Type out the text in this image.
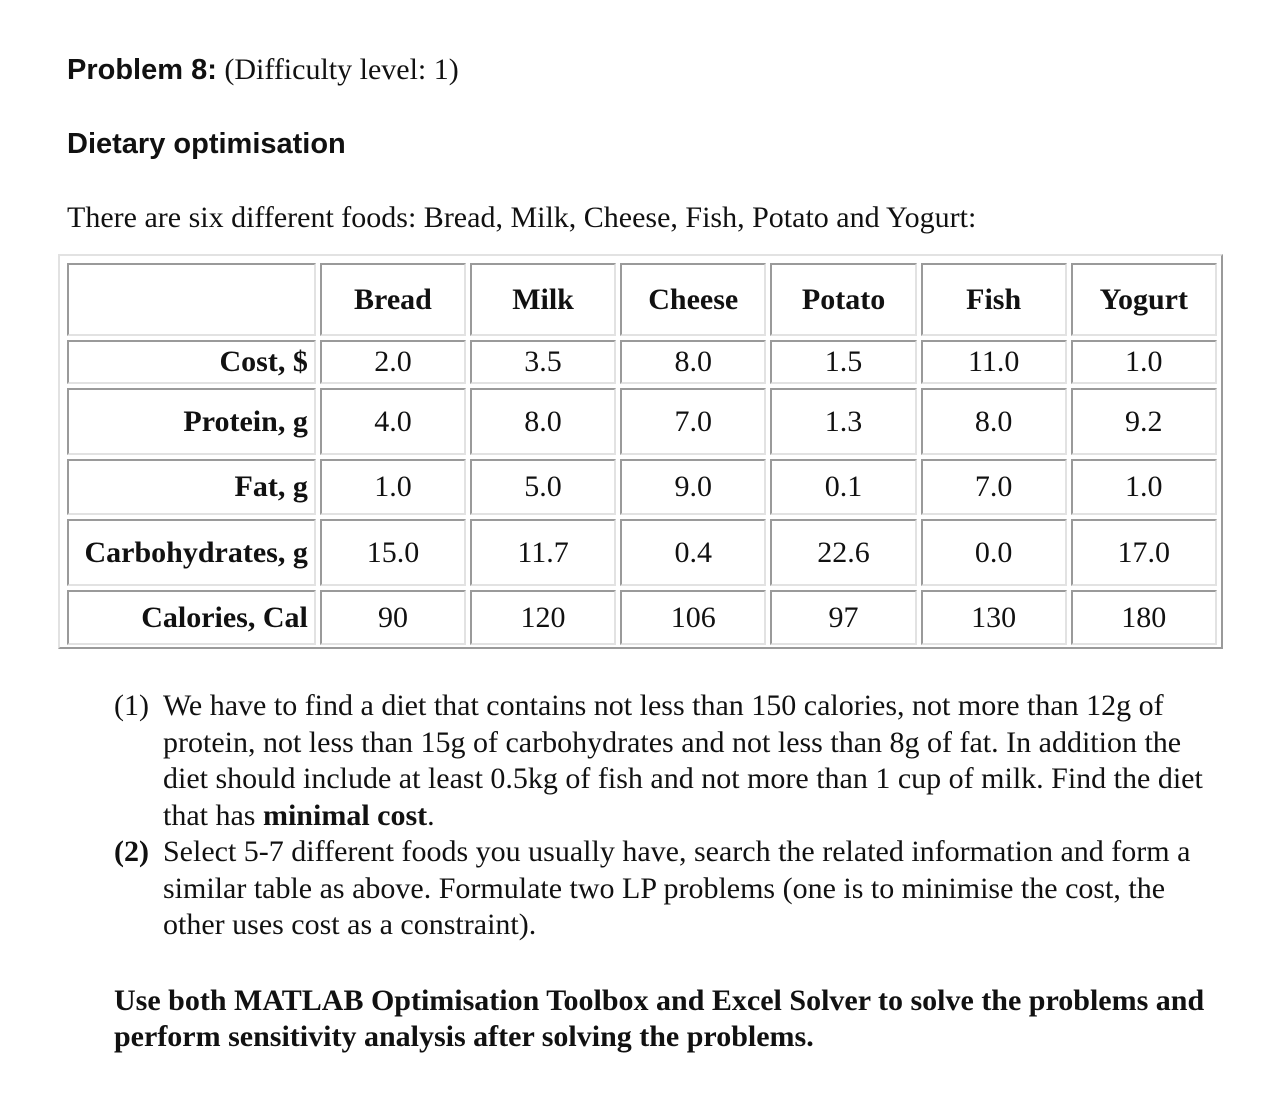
Problem 8: (Difficulty level: 1)
Dietary optimisation
There are six different foods: Bread, Milk, Cheese, Fish, Potato and Yogurt:
	Bread	Milk	Cheese	Potato	Fish	Yogurt
Cost, $	2.0	3.5	8.0	1.5	11.0	1.0
Protein, g	4.0	8.0	7.0	1.3	8.0	9.2
Fat, g	1.0	5.0	9.0	0.1	7.0	1.0
Carbohydrates, g	15.0	11.7	0.4	22.6	0.0	17.0
Calories, Cal	90	120	106	97	130	180
(1) We have to find a diet that contains not less than 150 calories, not more than 12g of protein, not less than 15g of carbohydrates and not less than 8g of fat. In addition the diet should include at least 0.5kg of fish and not more than 1 cup of milk. Find the diet that has minimal cost.
(2) Select 5-7 different foods you usually have, search the related information and form a similar table as above. Formulate two LP problems (one is to minimise the cost, the other uses cost as a constraint).
Use both MATLAB Optimisation Toolbox and Excel Solver to solve the problems and perform sensitivity analysis after solving the problems.
